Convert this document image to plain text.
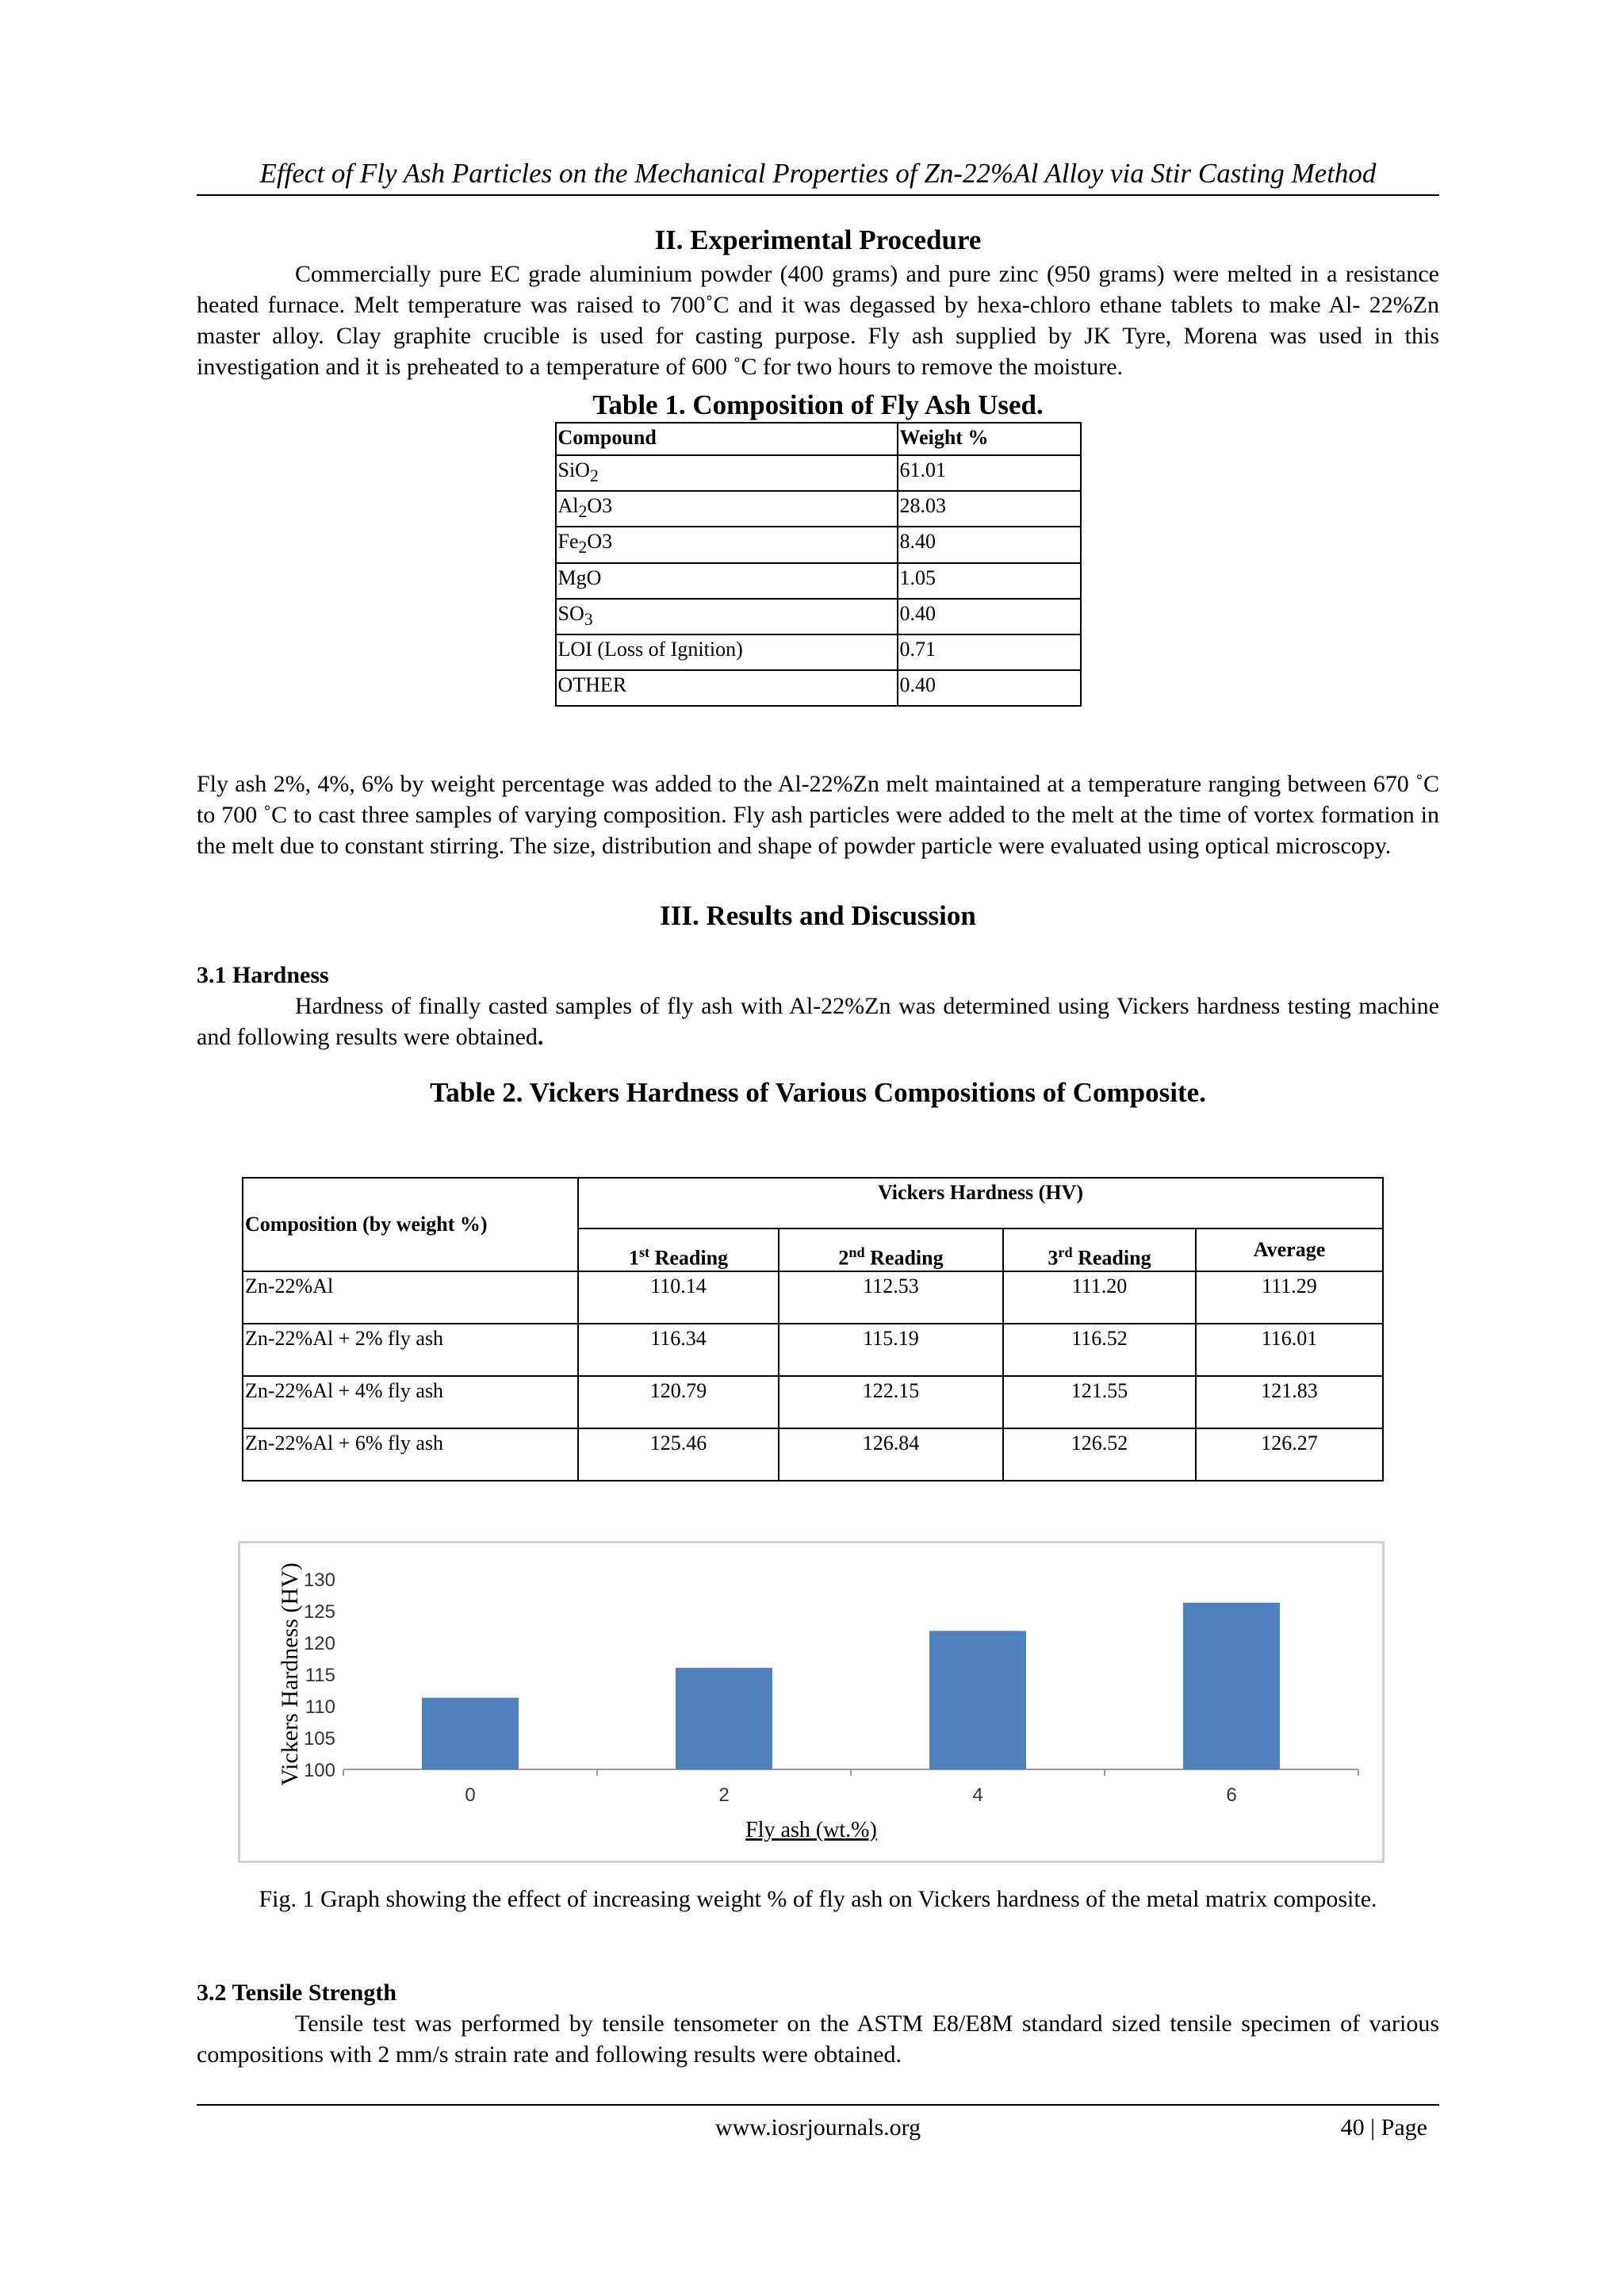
Effect of Fly Ash Particles on the Mechanical Properties of Zn-22%Al Alloy via Stir Casting Method
II. Experimental Procedure

Commercially pure EC grade aluminium powder (400 grams) and pure zinc (950 grams) were melted in a resistance heated furnace. Melt temperature was raised to 700˚C and it was degassed by hexa-chloro ethane tablets to make Al- 22%Zn master alloy. Clay graphite crucible is used for casting purpose. Fly ash supplied by JK Tyre, Morena was used in this investigation and it is preheated to a temperature of 600 ˚C for two hours to remove the moisture.

Table 1. Composition of Fly Ash Used.

Compound	Weight %
SiO$_2$	61.01
$Al_2O3$	28.03
$Fe_2O3$	8.40
MgO	1.05
$SO_3$	0.40
LOI (Loss of Ignition)	0.71
OTHER	0.40

Fly ash 2%, 4%, 6% by weight percentage was added to the Al-22%Zn melt maintained at a temperature ranging between 670 ˚C to 700 ˚C to cast three samples of varying composition. Fly ash particles were added to the melt at the time of vortex formation in the melt due to constant stirring. The size, distribution and shape of powder particle were evaluated using optical microscopy.

III. Results and Discussion
3.1 Hardness

Hardness of finally casted samples of fly ash with Al-22%Zn was determined using Vickers hardness testing machine and following results were obtained.

Table 2. Vickers Hardness of Various Compositions of Composite.

Composition (by weight %)	Vickers Hardness (HV)			
	1st Reading	2nd Reading	3rd Reading	Average
Zn-22%Al	110.14	112.53	111.20	111.29
Zn-22%Al + 2% fly ash	116.34	115.19	116.52	116.01
Zn-22%Al + 4% fly ash	120.79	122.15	121.55	121.83
Zn-22%Al + 6% fly ash	125.46	126.84	126.52	126.27
100
105
110
115
120
125
130
0	2	4	6
Fly ash (wt.%)
Vickers Hardness (HV)
Fig. 1 Graph showing the effect of increasing weight % of fly ash on Vickers hardness of the metal matrix composite.
3.2 Tensile Strength

Tensile test was performed by tensile tensometer on the ASTM E8/E8M standard sized tensile specimen of various compositions with 2 mm/s strain rate and following results were obtained.

www.iosrjournals.org	40 | Page
